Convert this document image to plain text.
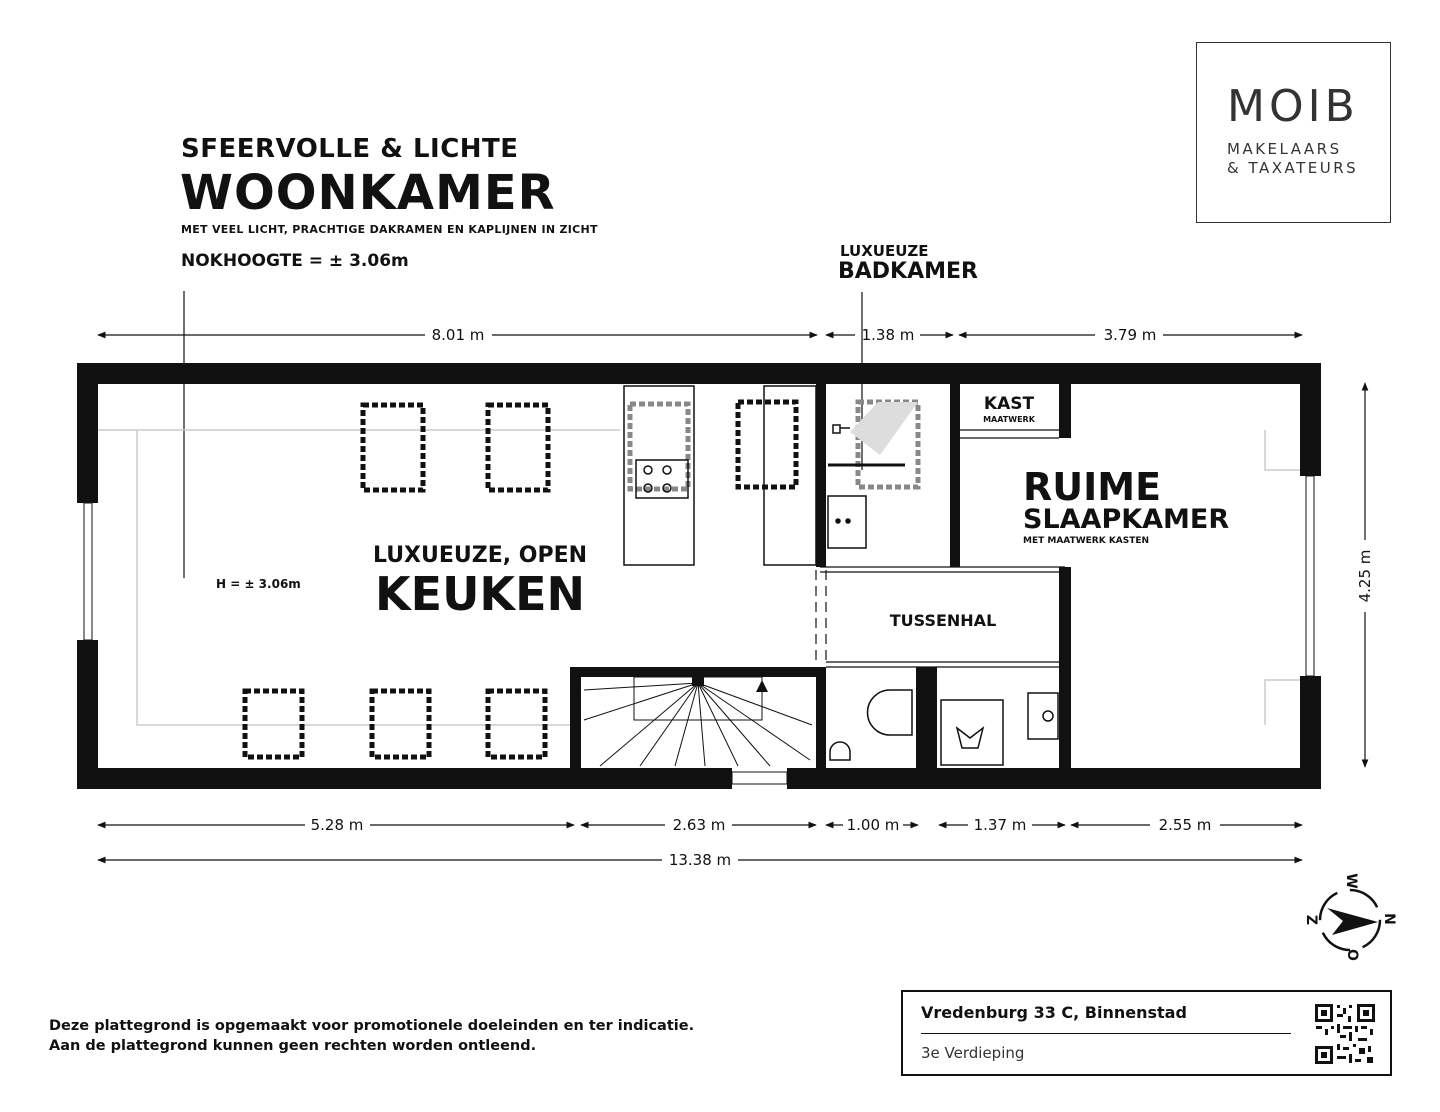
SFEERVOLLE & LICHTE
WOONKAMER
MET VEEL LICHT, PRACHTIGE DAKRAMEN EN KAPLIJNEN IN ZICHT
NOKHOOGTE = ± 3.06m	LUXUEUZE
BADKAMER
MOIB
MAKELAARS
& TAXATEURS
8.01 m	1.38 m	3.79 m
5.28 m	2.63 m	1.00 m	1.37 m	2.55 m
13.38 m
4.25 m
LUXUEUZE, OPEN
KEUKEN
H = ± 3.06m
RUIME
SLAAPKAMER
MET MAATWERK KASTEN
KAST
MAATWERK
TUSSENHAL
N
O
Z
W
Deze plattegrond is opgemaakt voor promotionele doeleinden en ter indicatie.
Aan de plattegrond kunnen geen rechten worden ontleend.
Vredenburg 33 C, Binnenstad
3e Verdieping
